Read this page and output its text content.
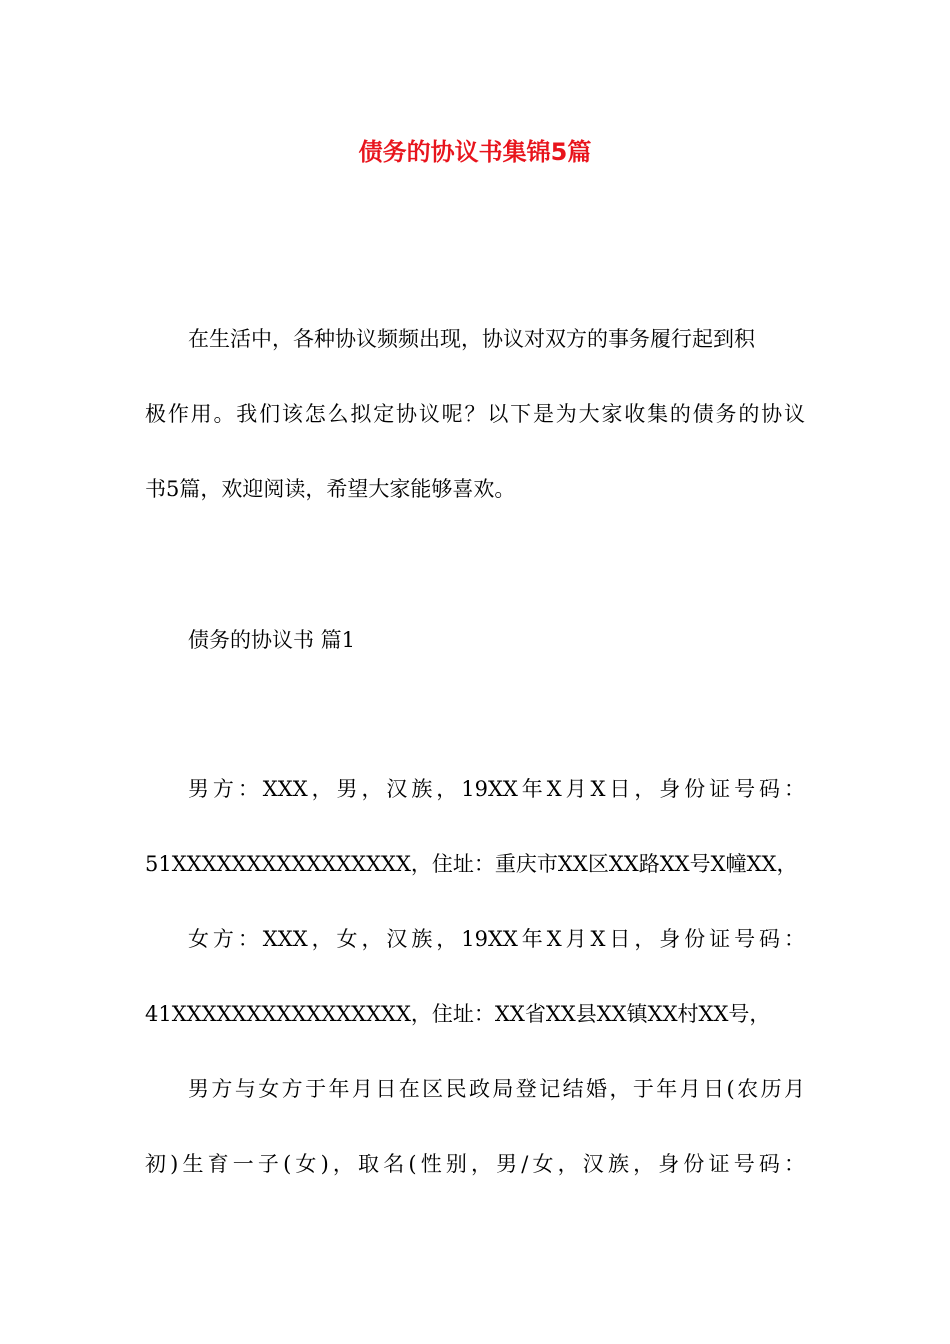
债务的协议书集锦5篇
在生活中，各种协议频频出现，协议对双方的事务履行起到积
极作用。我们该怎么拟定协议呢？以下是为大家收集的债务的协议
书5篇，欢迎阅读，希望大家能够喜欢。
债务的协议书 篇1
男方：XXX，男，汉族，19XX年X月X日，身份证号码：
51XXXXXXXXXXXXXXXX，住址：重庆市XX区XX路XX号X幢XX，
女方：XXX，女，汉族，19XX年X月X日，身份证号码：
41XXXXXXXXXXXXXXXX，住址：XX省XX县XX镇XX村XX号，
男方与女方于年月日在区民政局登记结婚，于年月日(农历月
初)生育一子(女)，取名(性别，男/女，汉族，身份证号码：
